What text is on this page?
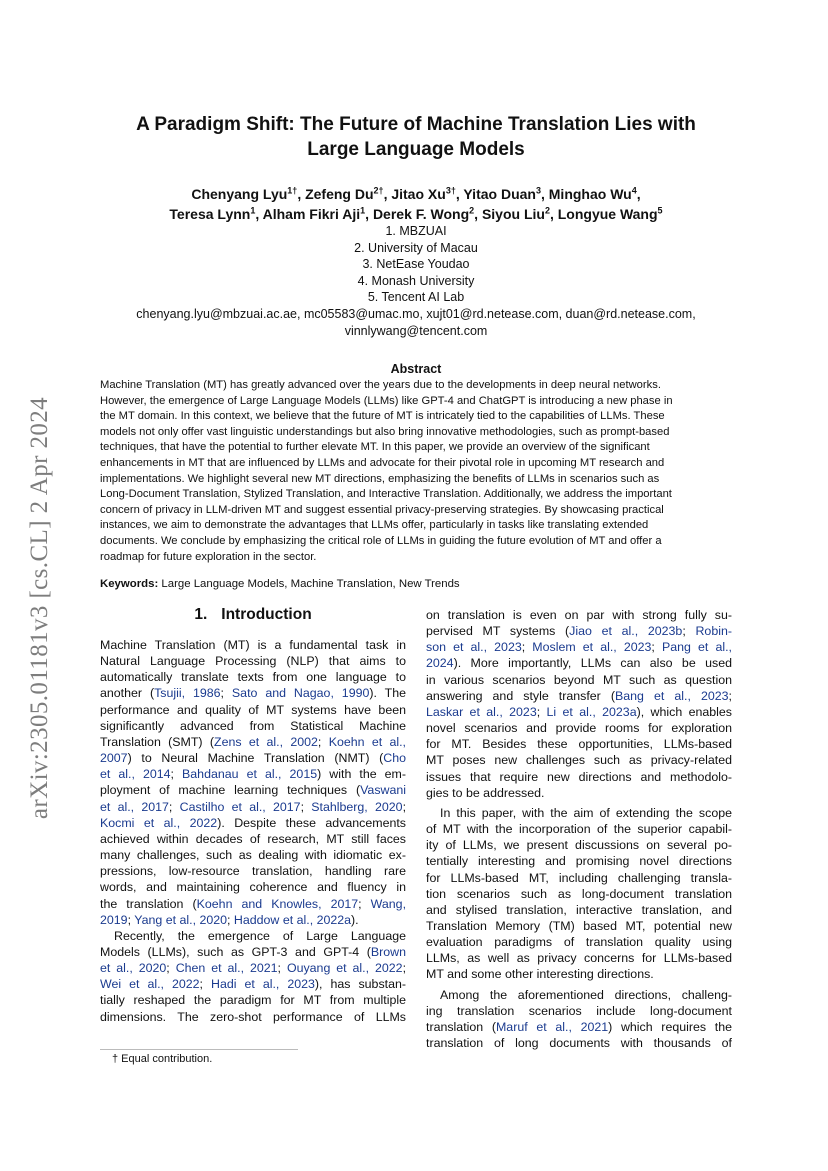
arXiv:2305.01181v3 [cs.CL] 2 Apr 2024
A Paradigm Shift: The Future of Machine Translation Lies with
Large Language Models
Chenyang Lyu$^{1\dagger}$, Zefeng $Du^{2\dagger}$, Jitao $Xu^{3\dagger}$, Yitao Duan$^3$, Minghao Wu$^4$,
Teresa Lynn$^1$, Alham Fikri Aji$^1$, Derek F. Wong$^2$, Siyou Liu$^2$, Longyue Wang$^5$
1. MBZUAI
2. University of Macau
3. NetEase Youdao
4. Monash University
5. Tencent AI Lab
chenyang.lyu@mbzuai.ac.ae, mc05583@umac.mo, xujt01@rd.netease.com, duan@rd.netease.com,
vinnlywang@tencent.com
Abstract
Machine Translation (MT) has greatly advanced over the years due to the developments in deep neural networks.
However, the emergence of Large Language Models (LLMs) like GPT-4 and ChatGPT is introducing a new phase in
the MT domain. In this context, we believe that the future of MT is intricately tied to the capabilities of LLMs. These
models not only offer vast linguistic understandings but also bring innovative methodologies, such as prompt-based
techniques, that have the potential to further elevate MT. In this paper, we provide an overview of the significant
enhancements in MT that are influenced by LLMs and advocate for their pivotal role in upcoming MT research and
implementations. We highlight several new MT directions, emphasizing the benefits of LLMs in scenarios such as
Long-Document Translation, Stylized Translation, and Interactive Translation. Additionally, we address the important
concern of privacy in LLM-driven MT and suggest essential privacy-preserving strategies. By showcasing practical
instances, we aim to demonstrate the advantages that LLMs offer, particularly in tasks like translating extended
documents. We conclude by emphasizing the critical role of LLMs in guiding the future evolution of MT and offer a
roadmap for future exploration in the sector.
Keywords: Large Language Models, Machine Translation, New Trends
1. Introduction
Machine Translation (MT) is a fundamental task in
Natural Language Processing (NLP) that aims to
automatically translate texts from one language to
another (Tsujii, 1986; Sato and Nagao, 1990). The
performance and quality of MT systems have been
significantly advanced from Statistical Machine
Translation (SMT) (Zens et al., 2002; Koehn et al.,
2007) to Neural Machine Translation (NMT) (Cho
et al., 2014; Bahdanau et al., 2015) with the em-
ployment of machine learning techniques (Vaswani
et al., 2017; Castilho et al., 2017; Stahlberg, 2020;
Kocmi et al., 2022). Despite these advancements
achieved within decades of research, MT still faces
many challenges, such as dealing with idiomatic ex-
pressions, low-resource translation, handling rare
words, and maintaining coherence and fluency in
the translation (Koehn and Knowles, 2017; Wang,
2019; Yang et al., 2020; Haddow et al., 2022a).
Recently, the emergence of Large Language
Models (LLMs), such as GPT-3 and GPT-4 (Brown
et al., 2020; Chen et al., 2021; Ouyang et al., 2022;
Wei et al., 2022; Hadi et al., 2023), has substan-
tially reshaped the paradigm for MT from multiple
dimensions. The zero-shot performance of LLMs
on translation is even on par with strong fully su-
pervised MT systems (Jiao et al., 2023b; Robin-
son et al., 2023; Moslem et al., 2023; Pang et al.,
2024). More importantly, LLMs can also be used
in various scenarios beyond MT such as question
answering and style transfer (Bang et al., 2023;
Laskar et al., 2023; Li et al., 2023a), which enables
novel scenarios and provide rooms for exploration
for MT. Besides these opportunities, LLMs-based
MT poses new challenges such as privacy-related
issues that require new directions and methodolo-
gies to be addressed.
In this paper, with the aim of extending the scope
of MT with the incorporation of the superior capabil-
ity of LLMs, we present discussions on several po-
tentially interesting and promising novel directions
for LLMs-based MT, including challenging transla-
tion scenarios such as long-document translation
and stylised translation, interactive translation, and
Translation Memory (TM) based MT, potential new
evaluation paradigms of translation quality using
LLMs, as well as privacy concerns for LLMs-based
MT and some other interesting directions.
Among the aforementioned directions, challeng-
ing translation scenarios include long-document
translation (Maruf et al., 2021) which requires the
translation of long documents with thousands of
† Equal contribution.
